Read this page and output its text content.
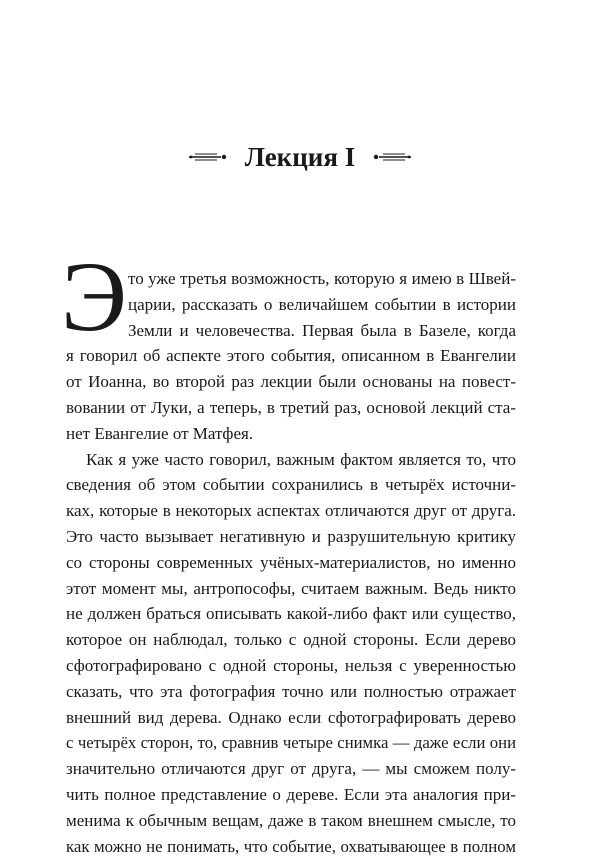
Лекция I
Э то уже третья возможность, которую я имею в Швей-
царии, рассказать о величайшем событии в истории
Земли и человечества. Первая была в Базеле, когда
я говорил об аспекте этого события, описанном в Евангелии
от Иоанна, во второй раз лекции были основаны на повест-
вовании от Луки, а теперь, в третий раз, основой лекций ста-
нет Евангелие от Матфея.
Как я уже часто говорил, важным фактом является то, что
сведения об этом событии сохранились в четырёх источни-
ках, которые в некоторых аспектах отличаются друг от друга.
Это часто вызывает негативную и разрушительную критику
со стороны современных учёных-материалистов, но именно
этот момент мы, антропософы, считаем важным. Ведь никто
не должен браться описывать какой-либо факт или существо,
которое он наблюдал, только с одной стороны. Если дерево
сфотографировано с одной стороны, нельзя с уверенностью
сказать, что эта фотография точно или полностью отражает
внешний вид дерева. Однако если сфотографировать дерево
с четырёх сторон, то, сравнив четыре снимка — даже если они
значительно отличаются друг от друга, — мы сможем полу-
чить полное представление о дереве. Если эта аналогия при-
менима к обычным вещам, даже в таком внешнем смысле, то
как можно не понимать, что событие, охватывающее в полном
